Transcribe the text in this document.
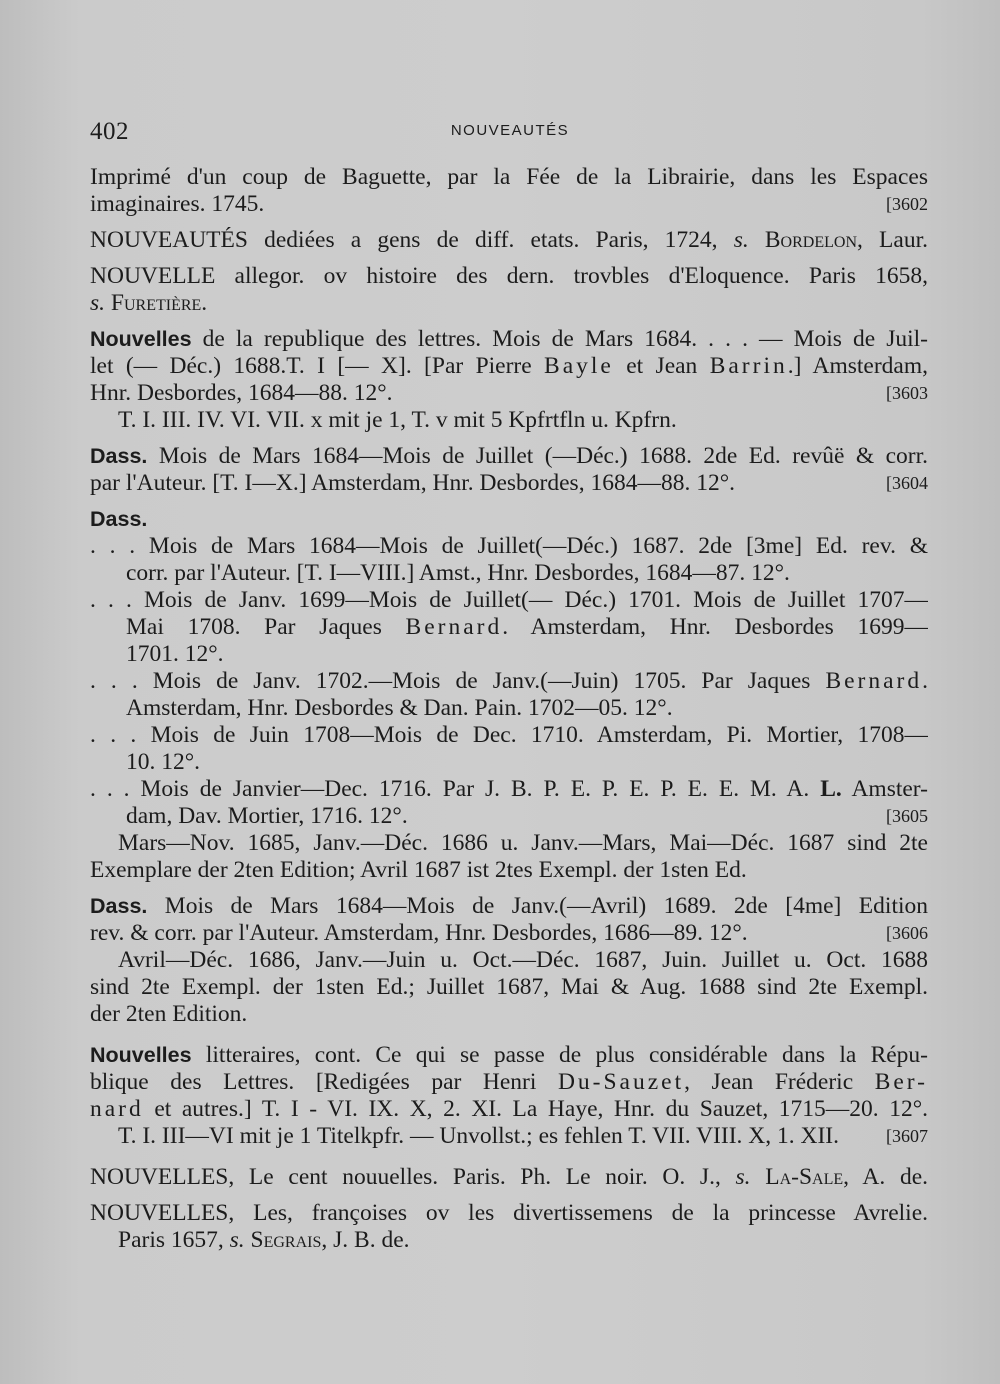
402	NOUVEAUTÉS
Imprimé d'un coup de Baguette, par la Fée de la Librairie, dans les Espaces
imaginaires. 1745.	[3602
NOUVEAUTÉS dediées a gens de diff. etats. Paris, 1724, s. Bordelon, Laur.
NOUVELLE allegor. ov histoire des dern. trovbles d'Eloquence. Paris 1658,
s. Furetière.
Nouvelles de la republique des lettres. Mois de Mars 1684. . . . — Mois de Juil-
let (— Déc.) 1688.T. I [— X]. [Par Pierre Bayle et Jean Barrin.] Amsterdam,
Hnr. Desbordes, 1684—88. 12°.	[3603
T. I. III. IV. VI. VII. x mit je 1, T. v mit 5 Kpfrtfln u. Kpfrn.
Dass. Mois de Mars 1684—Mois de Juillet (—Déc.) 1688. 2de Ed. revûë & corr.
par l'Auteur. [T. I—X.] Amsterdam, Hnr. Desbordes, 1684—88. 12°.	[3604
Dass.
. . . Mois de Mars 1684—Mois de Juillet(—Déc.) 1687. 2de [3me] Ed. rev. &
corr. par l'Auteur. [T. I—VIII.] Amst., Hnr. Desbordes, 1684—87. 12°.
. . . Mois de Janv. 1699—Mois de Juillet(— Déc.) 1701. Mois de Juillet 1707—
Mai 1708. Par Jaques Bernard. Amsterdam, Hnr. Desbordes 1699—
1701. 12°.
. . . Mois de Janv. 1702.—Mois de Janv.(—Juin) 1705. Par Jaques Bernard.
Amsterdam, Hnr. Desbordes & Dan. Pain. 1702—05. 12°.
. . . Mois de Juin 1708—Mois de Dec. 1710. Amsterdam, Pi. Mortier, 1708—
10. 12°.
. . . Mois de Janvier—Dec. 1716. Par J. B. P. E. P. E. P. E. E. M. A. L. Amster-
dam, Dav. Mortier, 1716. 12°.	[3605
Mars—Nov. 1685, Janv.—Déc. 1686 u. Janv.—Mars, Mai—Déc. 1687 sind 2te
Exemplare der 2ten Edition; Avril 1687 ist 2tes Exempl. der 1sten Ed.
Dass. Mois de Mars 1684—Mois de Janv.(—Avril) 1689. 2de [4me] Edition
rev. & corr. par l'Auteur. Amsterdam, Hnr. Desbordes, 1686—89. 12°.	[3606
Avril—Déc. 1686, Janv.—Juin u. Oct.—Déc. 1687, Juin. Juillet u. Oct. 1688
sind 2te Exempl. der 1sten Ed.; Juillet 1687, Mai & Aug. 1688 sind 2te Exempl.
der 2ten Edition.
Nouvelles litteraires, cont. Ce qui se passe de plus considérable dans la Répu-
blique des Lettres. [Redigées par Henri Du-Sauzet, Jean Fréderic Ber-
nard et autres.] T. I - VI. IX. X, 2. XI. La Haye, Hnr. du Sauzet, 1715—20. 12°.
T. I. III—VI mit je 1 Titelkpfr. — Unvollst.; es fehlen T. VII. VIII. X, 1. XII.	[3607
NOUVELLES, Le cent nouuelles. Paris. Ph. Le noir. O. J., s. La-Sale, A. de.
NOUVELLES, Les, françoises ov les divertissemens de la princesse Avrelie.
Paris 1657, s. Segrais, J. B. de.
